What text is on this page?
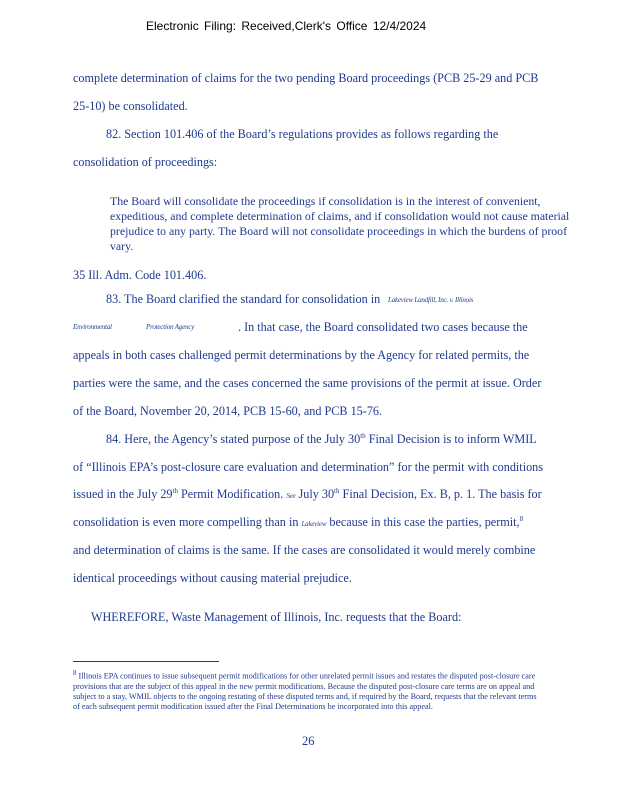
Electronic Filing: Received,Clerk's Office 12/4/2024
complete determination of claims for the two pending Board proceedings (PCB 25-29 and PCB
25-10) be consolidated.
82. Section 101.406 of the Board’s regulations provides as follows regarding the
consolidation of proceedings:
The Board will consolidate the proceedings if consolidation is in the interest of convenient, expeditious, and complete determination of claims, and if consolidation would not cause material prejudice to any party. The Board will not consolidate proceedings in which the burdens of proof vary.
35 Ill. Adm. Code 101.406.
83. The Board clarified the standard for consolidation in Lakeview Landfill, Inc. v. Illinois
Environmental	Protection Agency	. In that case, the Board consolidated two cases because the
appeals in both cases challenged permit determinations by the Agency for related permits, the
parties were the same, and the cases concerned the same provisions of the permit at issue. Order
of the Board, November 20, 2014, PCB 15-60, and PCB 15-76.
84. Here, the Agency’s stated purpose of the July 30th Final Decision is to inform WMIL
of “Illinois EPA’s post-closure care evaluation and determination” for the permit with conditions
issued in the July 29th Permit Modification. See July 30th Final Decision, Ex. B, p. 1. The basis for
consolidation is even more compelling than in Lakeview because in this case the parties, permit,$^8$
and determination of claims is the same. If the cases are consolidated it would merely combine
identical proceedings without causing material prejudice.
WHEREFORE, Waste Management of Illinois, Inc. requests that the Board:

8 Illinois EPA continues to issue subsequent permit modifications for other unrelated permit issues and restates the disputed post-closure care provisions that are the subject of this appeal in the new permit modifications. Because the disputed post-closure care terms are on appeal and subject to a stay, WMIL objects to the ongoing restating of these disputed terms and, if required by the Board, requests that the relevant terms of each subsequent permit modification issued after the Final Determinations be incorporated into this appeal.

26
